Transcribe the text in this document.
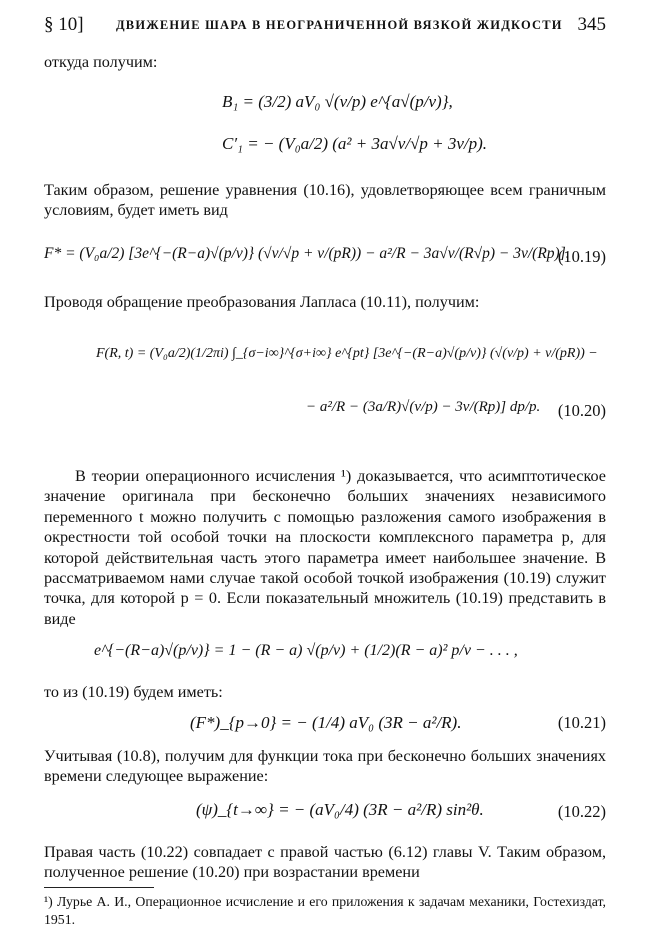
§ 10]	ДВИЖЕНИЕ ШАРА В НЕОГРАНИЧЕННОЙ ВЯЗКОЙ ЖИДКОСТИ 345

откуда получим:

B₁ = (3/2) aV₀ √(ν/p) e^{a√(p/ν)},
C′₁ = − (V₀a/2) (a² + 3a√ν/√p + 3ν/p).

Таким образом, решение уравнения (10.16), удовлетворяющее всем граничным условиям, будет иметь вид

F* = (V₀a/2) [3e^{−(R−a)√(p/ν)} (√ν/√p + ν/(pR)) − a²/R − 3a√ν/(R√p) − 3ν/(Rp)].
(10.19)

Проводя обращение преобразования Лапласа (10.11), получим:

F(R, t) = (V₀a/2)(1/2πi) ∫_{σ−i∞}^{σ+i∞} e^{pt} [3e^{−(R−a)√(p/ν)} (√(ν/p) + ν/(pR)) −
− a²/R − (3a/R)√(ν/p) − 3ν/(Rp)] dp/p. (10.20)

В теории операционного исчисления ¹) доказывается, что асимптотическое значение оригинала при бесконечно больших значениях независимого переменного t можно получить с помощью разложения самого изображения в окрестности той особой точки на плоскости комплексного параметра p, для которой действительная часть этого параметра имеет наибольшее значение. В рассматриваемом нами случае такой особой точкой изображения (10.19) служит точка, для которой p = 0. Если показательный множитель (10.19) представить в виде

e^{−(R−a)√(p/ν)} = 1 − (R − a) √(p/ν) + (1/2)(R − a)² p/ν − . . . ,

то из (10.19) будем иметь:

(F*)_{p→0} = − (1/4) aV₀ (3R − a²/R).	(10.21)

Учитывая (10.8), получим для функции тока при бесконечно больших значениях времени следующее выражение:

(ψ)_{t→∞} = − (aV₀/4) (3R − a²/R) sin²θ.	(10.22)

Правая часть (10.22) совпадает с правой частью (6.12) главы V. Таким образом, полученное решение (10.20) при возрастании времени

¹) Лурье А. И., Операционное исчисление и его приложения к задачам механики, Гостехиздат, 1951.
